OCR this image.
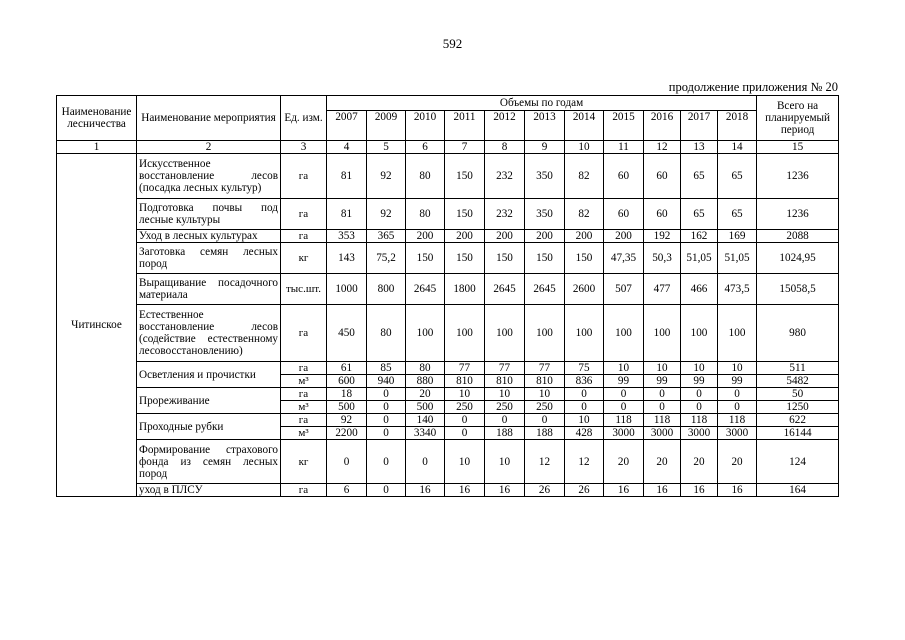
592
продолжение приложения № 20
Наименование лесничества	Наименование мероприятия	Ед. изм.	Объемы по годам											Всего на планируемый период
			2007	2009	2010	2011	2012	2013	2014	2015	2016	2017	2018	
1	2	3	4	5	6	7	8	9	10	11	12	13	14	15
Читинское	Искусственное восстановление лесов (посадка лесных культур)	га	81	92	80	150	232	350	82	60	60	65	65	1236
	Подготовка почвы под лесные культуры	га	81	92	80	150	232	350	82	60	60	65	65	1236
	Уход в лесных культурах	га	353	365	200	200	200	200	200	200	192	162	169	2088
	Заготовка семян лесных пород	кг	143	75,2	150	150	150	150	150	47,35	50,3	51,05	51,05	1024,95
	Выращивание посадочного материала	тыс.шт.	1000	800	2645	1800	2645	2645	2600	507	477	466	473,5	15058,5
	Естественное восстановление лесов (содействие естественному лесовосстановлению)	га	450	80	100	100	100	100	100	100	100	100	100	980
	Осветления и прочистки	га	61	85	80	77	77	77	75	10	10	10	10	511
		м³	600	940	880	810	810	810	836	99	99	99	99	5482
	Прореживание	га	18	0	20	10	10	10	0	0	0	0	0	50
		м³	500	0	500	250	250	250	0	0	0	0	0	1250
	Проходные рубки	га	92	0	140	0	0	0	10	118	118	118	118	622
		м³	2200	0	3340	0	188	188	428	3000	3000	3000	3000	16144
	Формирование страхового фонда из семян лесных пород	кг	0	0	0	10	10	12	12	20	20	20	20	124
	уход в ПЛСУ	га	6	0	16	16	16	26	26	16	16	16	16	164
